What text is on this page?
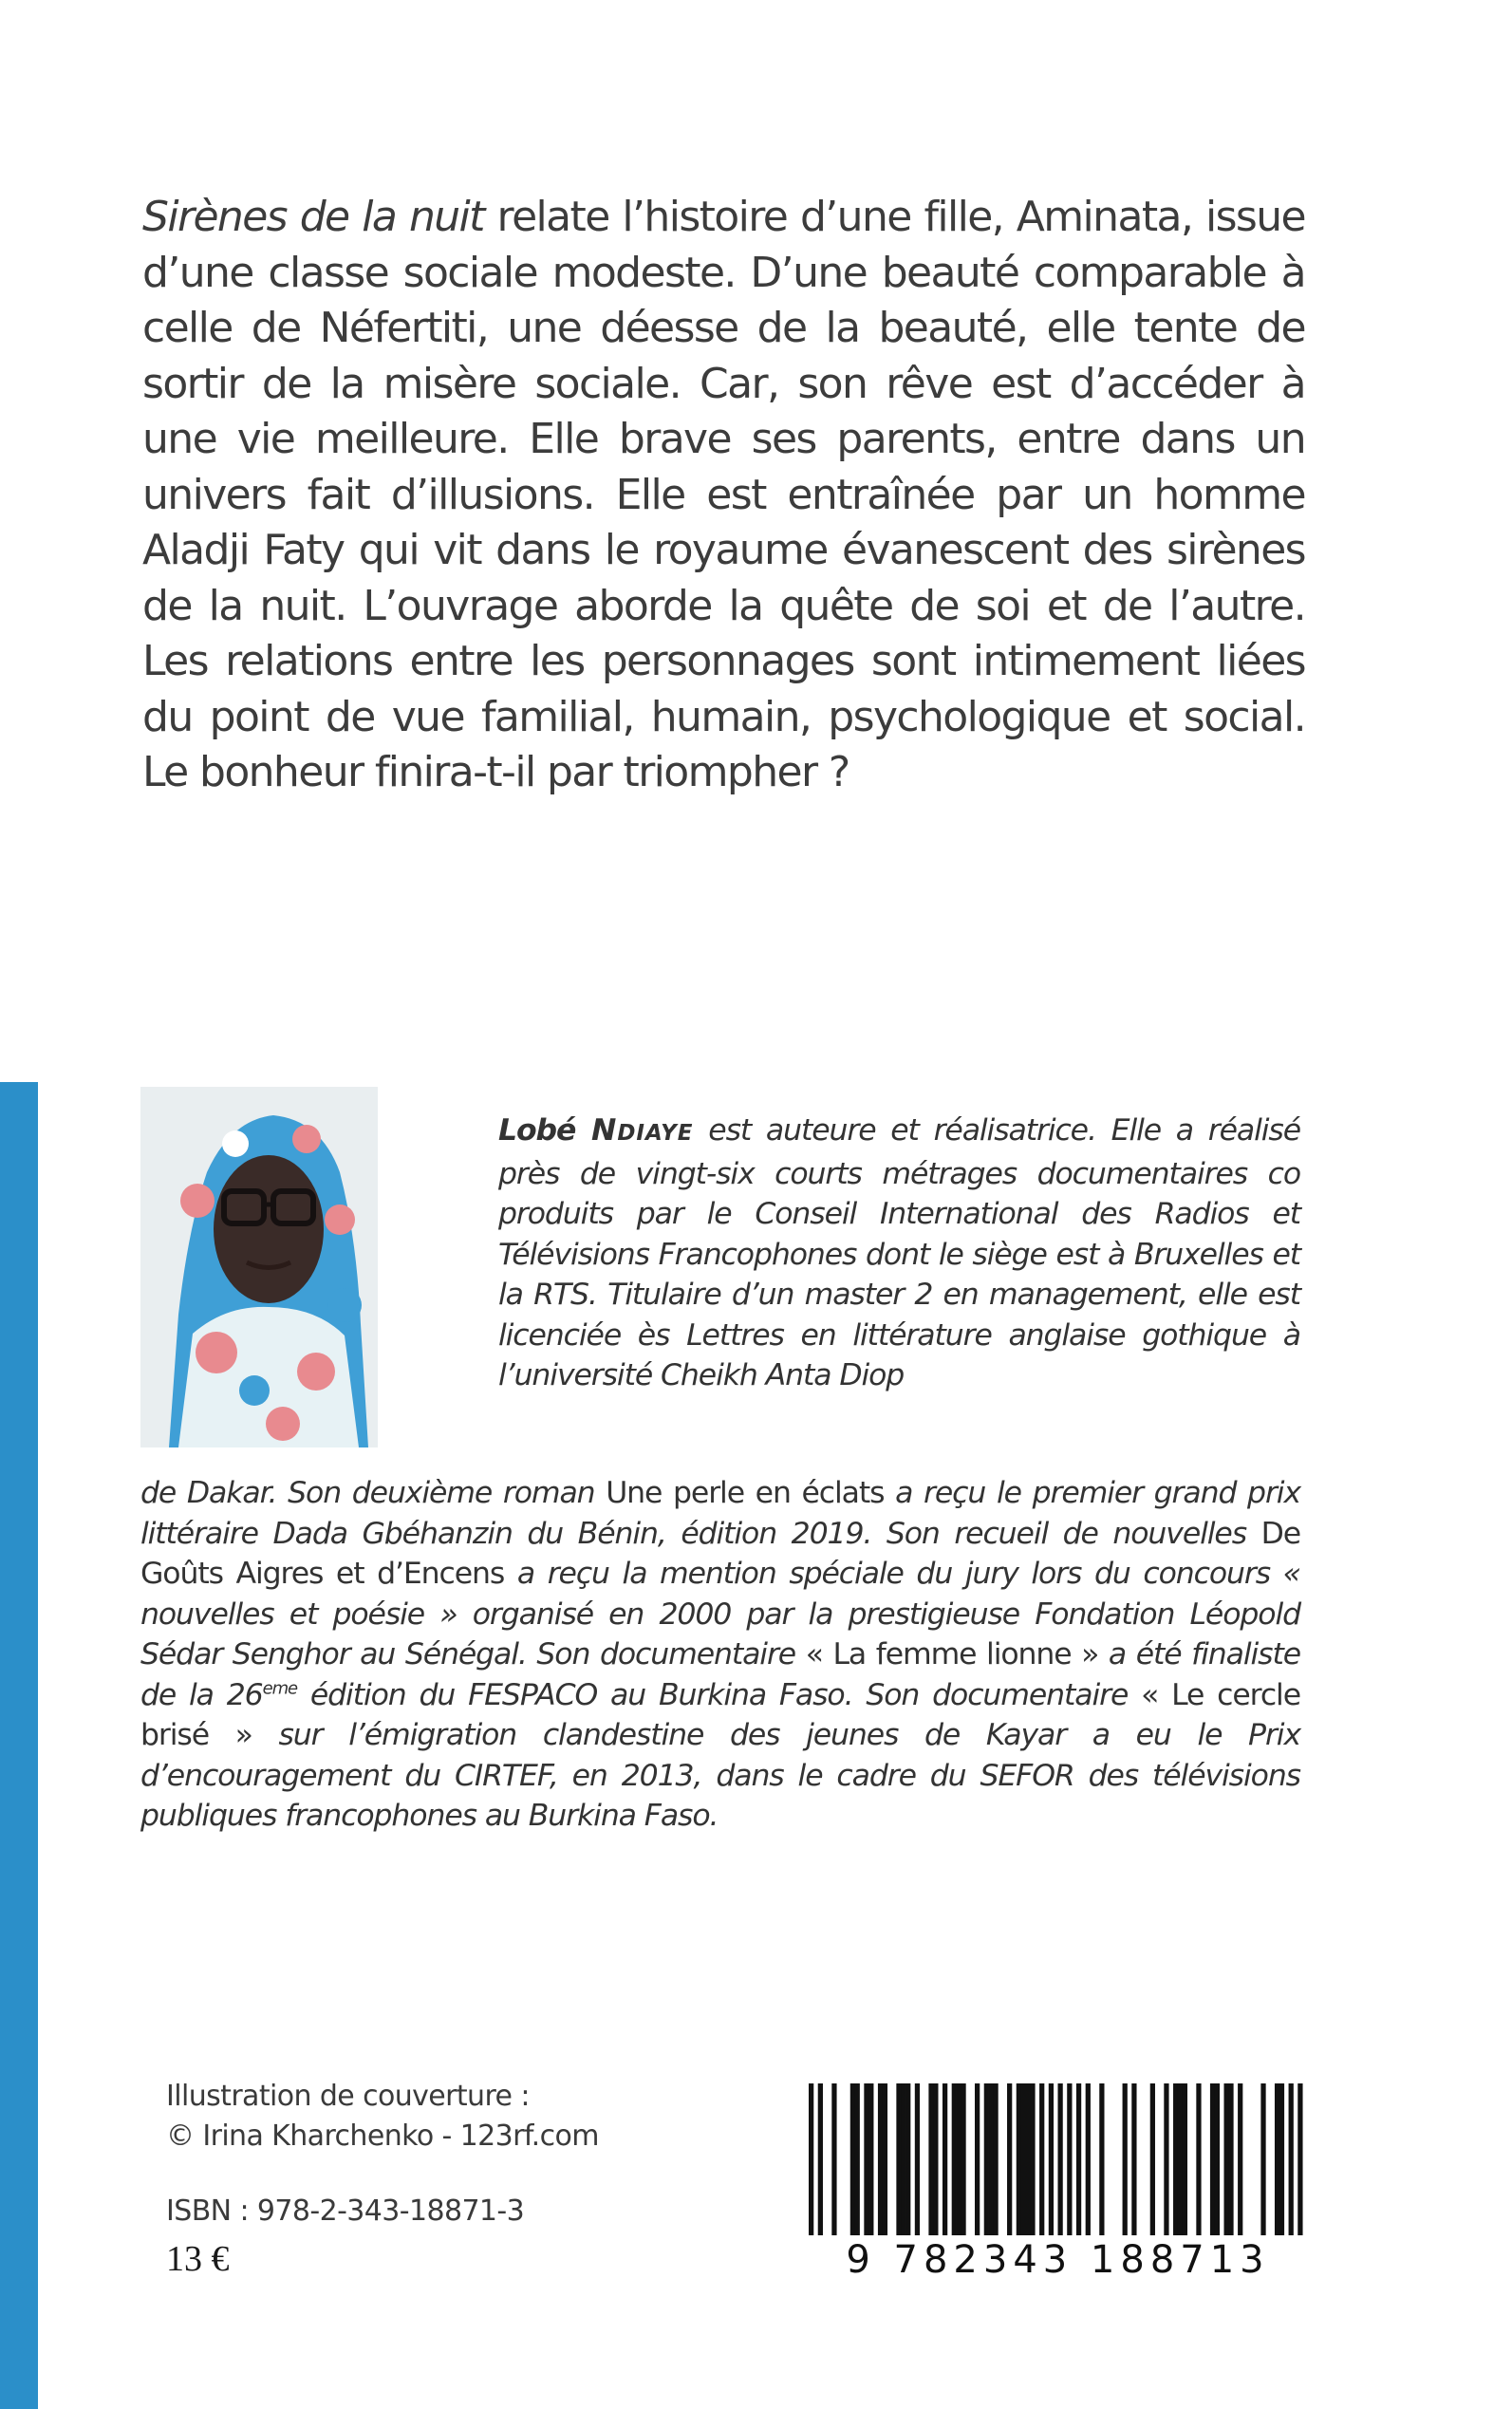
Sirènes de la nuit relate l’histoire d’une fille, Aminata, issue d’une classe sociale modeste. D’une beauté comparable à celle de Néfertiti, une déesse de la beauté, elle tente de sortir de la misère sociale. Car, son rêve est d’accéder à une vie meilleure. Elle brave ses parents, entre dans un univers fait d’illusions. Elle est entraînée par un homme Aladji Faty qui vit dans le royaume évanescent des sirènes de la nuit. L’ouvrage aborde la quête de soi et de l’autre. Les relations entre les personnages sont intimement liées du point de vue familial, humain, psychologique et social. Le bonheur finira-t-il par triompher ?

Lobé NDIAYE est auteure et réalisatrice. Elle a réalisé près de vingt-six courts métrages documentaires co produits par le Conseil International des Radios et Télévisions Francophones dont le siège est à Bruxelles et la RTS. Titulaire d’un master 2 en management, elle est licenciée ès Lettres en littérature anglaise gothique à l’université Cheikh Anta Diop

de Dakar. Son deuxième roman Une perle en éclats a reçu le premier grand prix littéraire Dada Gbéhanzin du Bénin, édition 2019. Son recueil de nouvelles De Goûts Aigres et d’Encens a reçu la mention spéciale du jury lors du concours « nouvelles et poésie » organisé en 2000 par la prestigieuse Fondation Léopold Sédar Senghor au Sénégal. Son documentaire « La femme lionne » a été finaliste de la 26eme édition du FESPACO au Burkina Faso. Son documentaire « Le cercle brisé » sur l’émigration clandestine des jeunes de Kayar a eu le Prix d’encouragement du CIRTEF, en 2013, dans le cadre du SEFOR des télévisions publiques francophones au Burkina Faso.

Illustration de couverture :
© Irina Kharchenko - 123rf.com
ISBN : 978-2-343-18871-3
13 €	9 782343 188713
